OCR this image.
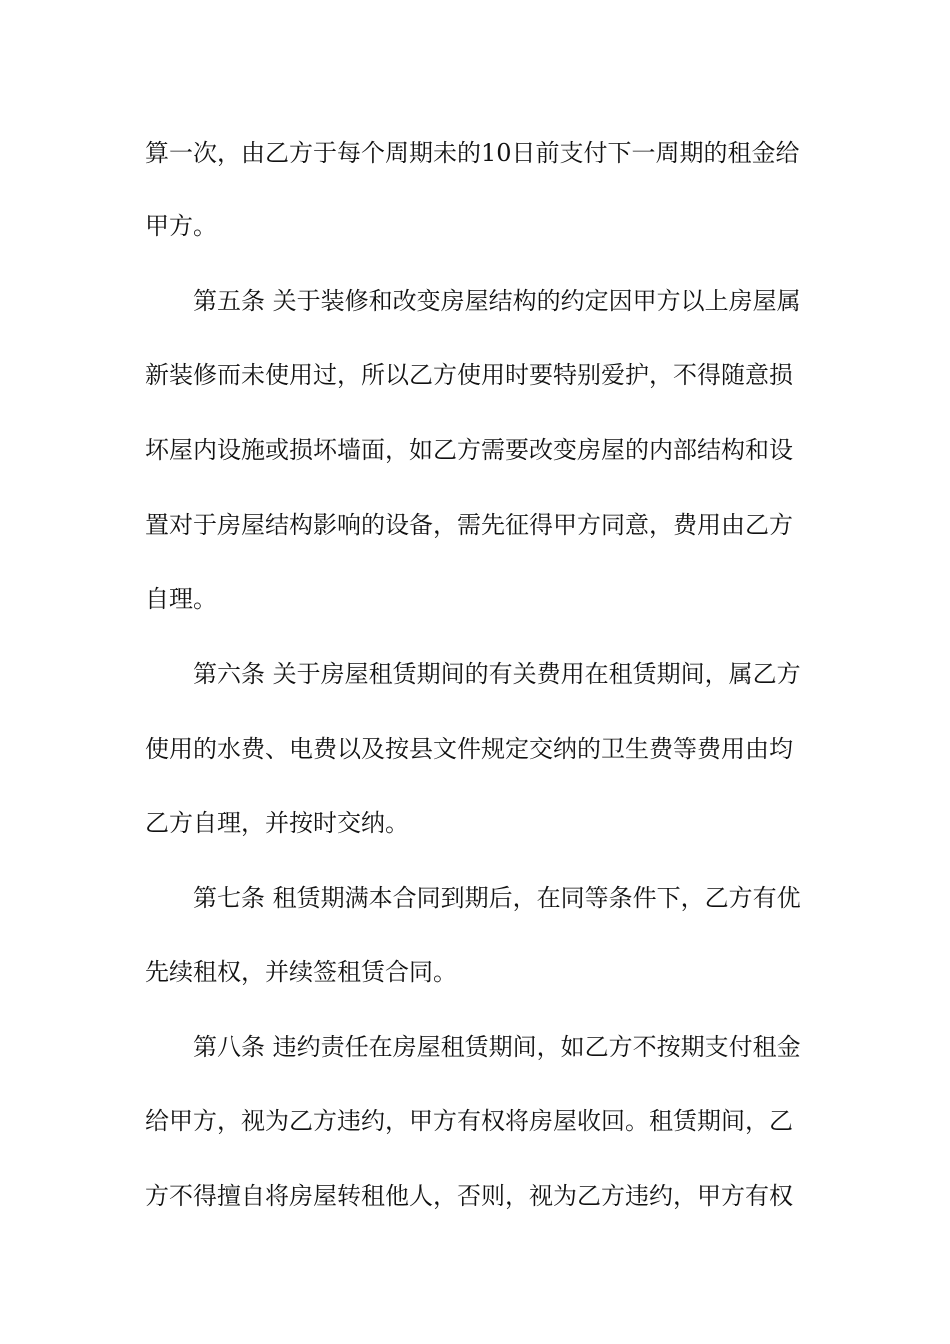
算一次，由乙方于每个周期未的10日前支付下一周期的租金给
甲方。
第五条 关于装修和改变房屋结构的约定因甲方以上房屋属
新装修而未使用过，所以乙方使用时要特别爱护，不得随意损
坏屋内设施或损坏墙面，如乙方需要改变房屋的内部结构和设
置对于房屋结构影响的设备，需先征得甲方同意，费用由乙方
自理。
第六条 关于房屋租赁期间的有关费用在租赁期间，属乙方
使用的水费、电费以及按县文件规定交纳的卫生费等费用由均
乙方自理，并按时交纳。
第七条 租赁期满本合同到期后，在同等条件下，乙方有优
先续租权，并续签租赁合同。
第八条 违约责任在房屋租赁期间，如乙方不按期支付租金
给甲方，视为乙方违约，甲方有权将房屋收回。租赁期间，乙
方不得擅自将房屋转租他人，否则，视为乙方违约，甲方有权
